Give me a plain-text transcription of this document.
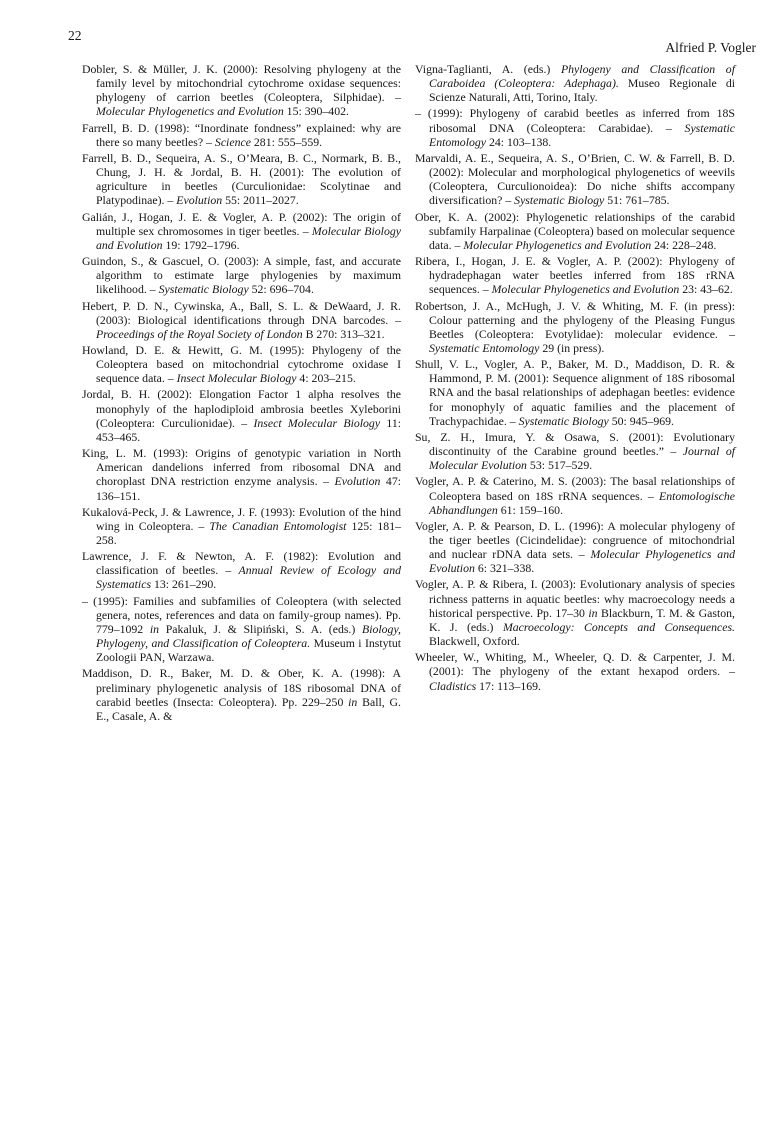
22
Alfried P. Vogler

Dobler, S. & Müller, J. K. (2000): Resolving phylogeny at the family level by mitochondrial cytochrome oxidase sequences: phylogeny of carrion beetles (Coleoptera, Silphidae). – Molecular Phylogenetics and Evolution 15: 390–402.

Farrell, B. D. (1998): “Inordinate fondness” explained: why are there so many beetles? – Science 281: 555–559.

Farrell, B. D., Sequeira, A. S., O’Meara, B. C., Normark, B. B., Chung, J. H. & Jordal, B. H. (2001): The evolution of agriculture in beetles (Curculionidae: Scolytinae and Platypodinae). – Evolution 55: 2011–2027.

Galián, J., Hogan, J. E. & Vogler, A. P. (2002): The origin of multiple sex chromosomes in tiger beetles. – Molecular Biology and Evolution 19: 1792–1796.

Guindon, S., & Gascuel, O. (2003): A simple, fast, and accurate algorithm to estimate large phylogenies by maximum likelihood. – Systematic Biology 52: 696–704.

Hebert, P. D. N., Cywinska, A., Ball, S. L. & DeWaard, J. R. (2003): Biological identifications through DNA barcodes. – Proceedings of the Royal Society of London B 270: 313–321.

Howland, D. E. & Hewitt, G. M. (1995): Phylogeny of the Coleoptera based on mitochondrial cytochrome oxidase I sequence data. – Insect Molecular Biology 4: 203–215.

Jordal, B. H. (2002): Elongation Factor 1 alpha resolves the monophyly of the haplodiploid ambrosia beetles Xyleborini (Coleoptera: Curculionidae). – Insect Molecular Biology 11: 453–465.

King, L. M. (1993): Origins of genotypic variation in North American dandelions inferred from ribosomal DNA and choroplast DNA restriction enzyme analysis. – Evolution 47: 136–151.

Kukalová-Peck, J. & Lawrence, J. F. (1993): Evolution of the hind wing in Coleoptera. – The Canadian Entomologist 125: 181–258.

Lawrence, J. F. & Newton, A. F. (1982): Evolution and classification of beetles. – Annual Review of Ecology and Systematics 13: 261–290.

– (1995): Families and subfamilies of Coleoptera (with selected genera, notes, references and data on family-group names). Pp. 779–1092 in Pakaluk, J. & Slipiński, S. A. (eds.) Biology, Phylogeny, and Classification of Coleoptera. Museum i Instytut Zoologii PAN, Warzawa.

Maddison, D. R., Baker, M. D. & Ober, K. A. (1998): A preliminary phylogenetic analysis of 18S ribosomal DNA of carabid beetles (Insecta: Coleoptera). Pp. 229–250 in Ball, G. E., Casale, A. &

Vigna-Taglianti, A. (eds.) Phylogeny and Classification of Caraboidea (Coleoptera: Adephaga). Museo Regionale di Scienze Naturali, Atti, Torino, Italy.

– (1999): Phylogeny of carabid beetles as inferred from 18S ribosomal DNA (Coleoptera: Carabidae). – Systematic Entomology 24: 103–138.

Marvaldi, A. E., Sequeira, A. S., O’Brien, C. W. & Farrell, B. D. (2002): Molecular and morphological phylogenetics of weevils (Coleoptera, Curculionoidea): Do niche shifts accompany diversification? – Systematic Biology 51: 761–785.

Ober, K. A. (2002): Phylogenetic relationships of the carabid subfamily Harpalinae (Coleoptera) based on molecular sequence data. – Molecular Phylogenetics and Evolution 24: 228–248.

Ribera, I., Hogan, J. E. & Vogler, A. P. (2002): Phylogeny of hydradephagan water beetles inferred from 18S rRNA sequences. – Molecular Phylogenetics and Evolution 23: 43–62.

Robertson, J. A., McHugh, J. V. & Whiting, M. F. (in press): Colour patterning and the phylogeny of the Pleasing Fungus Beetles (Coleoptera: Evotylidae): molecular evidence. – Systematic Entomology 29 (in press).

Shull, V. L., Vogler, A. P., Baker, M. D., Maddison, D. R. & Hammond, P. M. (2001): Sequence alignment of 18S ribosomal RNA and the basal relationships of adephagan beetles: evidence for monophyly of aquatic families and the placement of Trachypachidae. – Systematic Biology 50: 945–969.

Su, Z. H., Imura, Y. & Osawa, S. (2001): Evolutionary discontinuity of the Carabine ground beetles.” – Journal of Molecular Evolution 53: 517–529.

Vogler, A. P. & Caterino, M. S. (2003): The basal relationships of Coleoptera based on 18S rRNA sequences. – Entomologische Abhandlungen 61: 159–160.

Vogler, A. P. & Pearson, D. L. (1996): A molecular phylogeny of the tiger beetles (Cicindelidae): congruence of mitochondrial and nuclear rDNA data sets. – Molecular Phylogenetics and Evolution 6: 321–338.

Vogler, A. P. & Ribera, I. (2003): Evolutionary analysis of species richness patterns in aquatic beetles: why macroecology needs a historical perspective. Pp. 17–30 in Blackburn, T. M. & Gaston, K. J. (eds.) Macroecology: Concepts and Consequences. Blackwell, Oxford.

Wheeler, W., Whiting, M., Wheeler, Q. D. & Carpenter, J. M. (2001): The phylogeny of the extant hexapod orders. – Cladistics 17: 113–169.
